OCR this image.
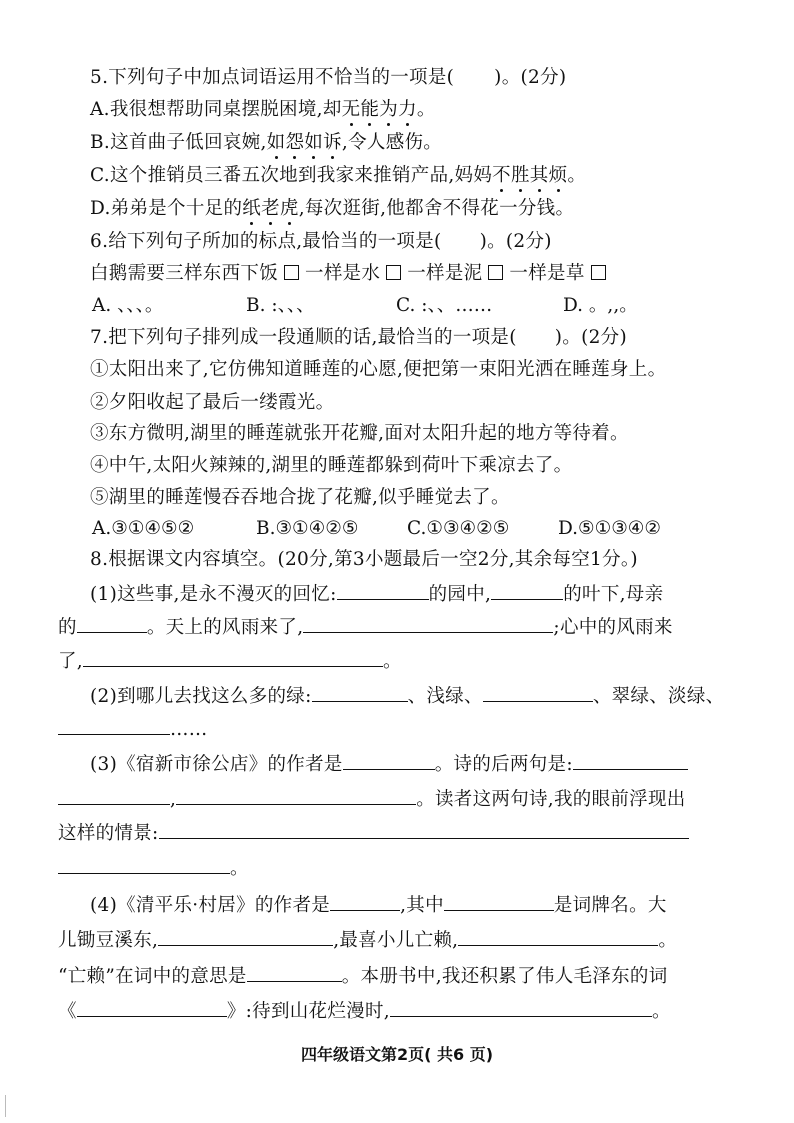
5.下列句子中加点词语运用不恰当的一项是( )。(2分)
A.我很想帮助同桌摆脱困境,却无能为力。
B.这首曲子低回哀婉,如怨如诉,令人感伤。
C.这个推销员三番五次地到我家来推销产品,妈妈不胜其烦。
D.弟弟是个十足的纸老虎,每次逛街,他都舍不得花一分钱。
6.给下列句子所加的标点,最恰当的一项是( )。(2分)
白鹅需要三样东西下饭 一样是水 一样是泥 一样是草
A. 、、、。	B. :、、、	C. :、、……	D. 。,,。
7.把下列句子排列成一段通顺的话,最恰当的一项是( )。(2分)
①太阳出来了,它仿佛知道睡莲的心愿,便把第一束阳光洒在睡莲身上。
②夕阳收起了最后一缕霞光。
③东方微明,湖里的睡莲就张开花瓣,面对太阳升起的地方等待着。
④中午,太阳火辣辣的,湖里的睡莲都躲到荷叶下乘凉去了。
⑤湖里的睡莲慢吞吞地合拢了花瓣,似乎睡觉去了。
A.③①④⑤②	B.③①④②⑤	C.①③④②⑤	D.⑤①③④②
8.根据课文内容填空。(20分,第3小题最后一空2分,其余每空1分。)
(1)这些事,是永不漫灭的回忆:	的园中,	的叶下,母亲
的	。天上的风雨来了,	;心中的风雨来
了,	。
(2)到哪儿去找这么多的绿:	、浅绿、	、翠绿、淡绿、
……
(3)《宿新市徐公店》的作者是	。诗的后两句是:
,	。读者这两句诗,我的眼前浮现出
这样的情景:
。
(4)《清平乐·村居》的作者是	,其中	是词牌名。大
儿锄豆溪东,	,最喜小儿亡赖,	。
“亡赖”在词中的意思是	。本册书中,我还积累了伟人毛泽东的词
《	》:待到山花烂漫时,	。
四年级语文第2页( 共6 页)
